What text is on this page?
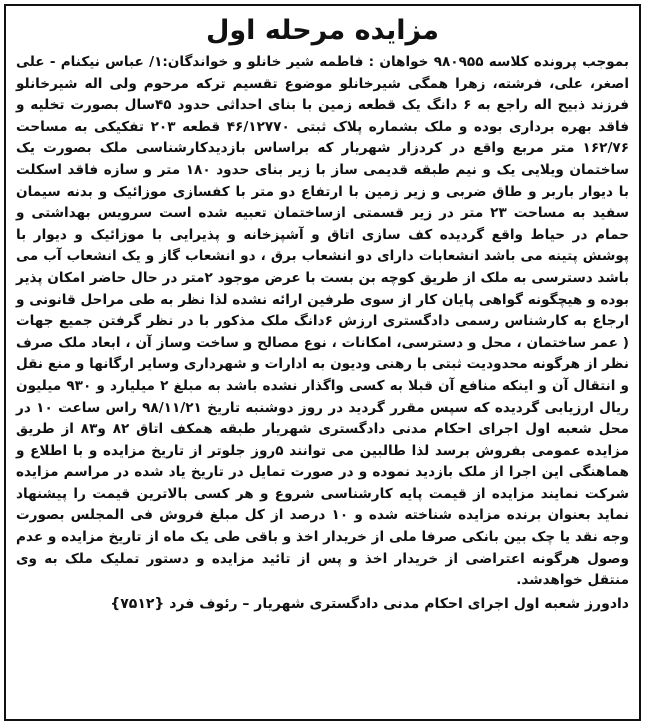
مزایده مرحله اول

بموجب پرونده کلاسه ۹۸۰۹۵۵ خواهان : فاطمه شیر خانلو و خواندگان:۱/ عباس نیکنام - علی اصغر، علی، فرشته، زهرا همگی شیرخانلو موضوع تقسیم ترکه مرحوم ولی اله شیرخانلو فرزند ذبیح اله راجع به ۶ دانگ یک قطعه زمین با بنای احداثی حدود ۴۵سال بصورت تخلیه و فاقد بهره برداری بوده و ملک بشماره پلاک ثبتی ۴۶/۱۲۷۷۰ قطعه ۲۰۳ تفکیکی به مساحت ۱۶۲/۷۶ متر مربع واقع در کردزار شهریار که براساس بازدیدکارشناسی ملک بصورت یک ساختمان ویلایی یک و نیم طبقه قدیمی ساز با زیر بنای حدود ۱۸۰ متر و سازه فاقد اسکلت با دیوار باربر و طاق ضربی و زیر زمین با ارتفاع دو متر با کفسازی موزائیک و بدنه سیمان سفید به مساحت ۲۳ متر در زیر قسمتی ازساختمان تعبیه شده است سرویس بهداشتی و حمام در حیاط واقع گردیده کف سازی اتاق و آشپزخانه و پذیرایی با موزائیک و دیوار با پوشش پتینه می باشد انشعابات دارای دو انشعاب برق ، دو انشعاب گاز و یک انشعاب آب می باشد دسترسی به ملک از طریق کوچه بن بست با عرض موجود ۲متر در حال حاضر امکان پذیر بوده و هیچگونه گواهی پایان کار از سوی طرفین ارائه نشده لذا نظر به طی مراحل قانونی و ارجاع به کارشناس رسمی دادگستری ارزش ۶دانگ ملک مذکور با در نظر گرفتن جمیع جهات ( عمر ساختمان ، محل و دسترسی، امکانات ، نوع مصالح و ساخت وساز آن ، ابعاد ملک صرف نظر از هرگونه محدودیت ثبتی با رهنی ودیون به ادارات و شهرداری وسایر ارگانها و منع نقل و انتقال آن و اینکه منافع آن قبلا به کسی واگذار نشده باشد به مبلغ ۲ میلیارد و ۹۳۰ میلیون ریال ارزیابی گردیده که سپس مقرر گردید در روز دوشنبه تاریخ ۹۸/۱۱/۲۱ راس ساعت ۱۰ در محل شعبه اول اجرای احکام مدنی دادگستری شهریار طبقه همکف اتاق ۸۲ و۸۳ از طریق مزایده عمومی بفروش برسد لذا طالبین می توانند ۵روز جلوتر از تاریخ مزایده و با اطلاع و هماهنگی این اجرا از ملک بازدید نموده و در صورت تمایل در تاریخ یاد شده در مراسم مزایده شرکت نمایند مزایده از قیمت پایه کارشناسی شروع و هر کسی بالاترین قیمت را پیشنهاد نماید بعنوان برنده مزایده شناخته شده و ۱۰ درصد از کل مبلغ فروش فی المجلس بصورت وجه نقد یا چک بین بانکی صرفا ملی از خریدار اخذ و باقی طی یک ماه از تاریخ مزایده و عدم وصول هرگونه اعتراضی از خریدار اخذ و پس از تائید مزایده و دستور تملیک ملک به وی منتقل خواهدشد.

دادورز شعبه اول اجرای احکام مدنی دادگستری شهریار – رئوف فرد {۷۵۱۲}
